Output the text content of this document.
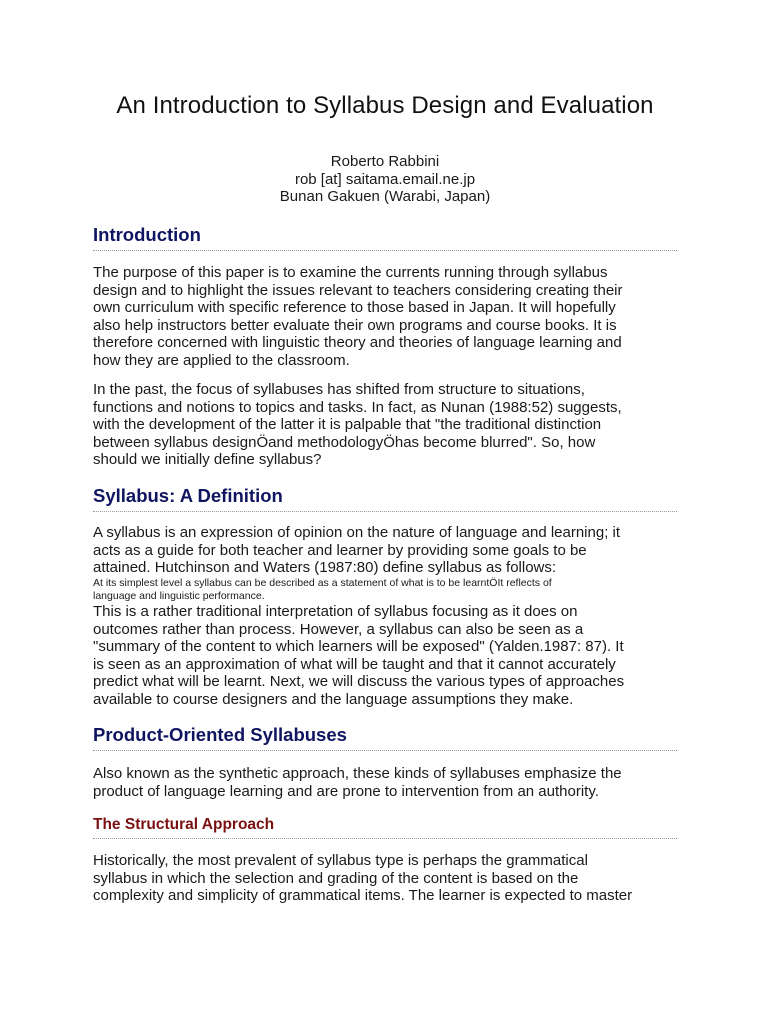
An Introduction to Syllabus Design and Evaluation
Roberto Rabbini
rob [at] saitama.email.ne.jp
Bunan Gakuen (Warabi, Japan)
Introduction

The purpose of this paper is to examine the currents running through syllabus
design and to highlight the issues relevant to teachers considering creating their
own curriculum with specific reference to those based in Japan. It will hopefully
also help instructors better evaluate their own programs and course books. It is
therefore concerned with linguistic theory and theories of language learning and
how they are applied to the classroom.

In the past, the focus of syllabuses has shifted from structure to situations,
functions and notions to topics and tasks. In fact, as Nunan (1988:52) suggests,
with the development of the latter it is palpable that "the traditional distinction
between syllabus designÖand methodologyÖhas become blurred". So, how
should we initially define syllabus?

Syllabus: A Definition

A syllabus is an expression of opinion on the nature of language and learning; it
acts as a guide for both teacher and learner by providing some goals to be
attained. Hutchinson and Waters (1987:80) define syllabus as follows:

At its simplest level a syllabus can be described as a statement of what is to be learntÖIt reflects of
language and linguistic performance.

This is a rather traditional interpretation of syllabus focusing as it does on
outcomes rather than process. However, a syllabus can also be seen as a
"summary of the content to which learners will be exposed" (Yalden.1987: 87). It
is seen as an approximation of what will be taught and that it cannot accurately
predict what will be learnt. Next, we will discuss the various types of approaches
available to course designers and the language assumptions they make.

Product-Oriented Syllabuses

Also known as the synthetic approach, these kinds of syllabuses emphasize the
product of language learning and are prone to intervention from an authority.

The Structural Approach

Historically, the most prevalent of syllabus type is perhaps the grammatical
syllabus in which the selection and grading of the content is based on the
complexity and simplicity of grammatical items. The learner is expected to master
